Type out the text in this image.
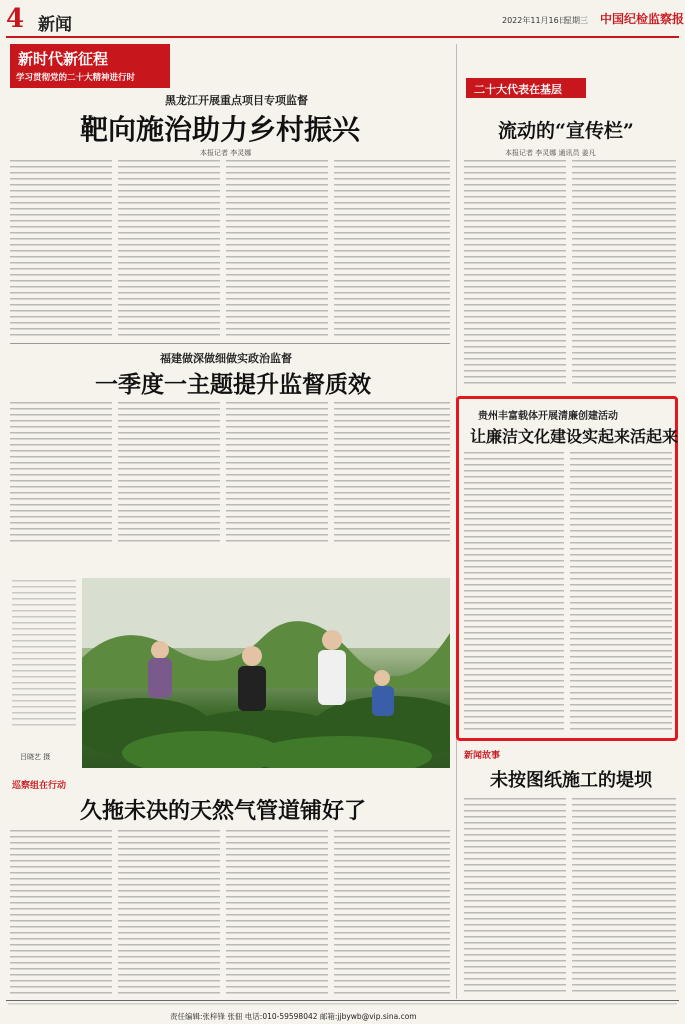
4 新闻	2022年11月16日
星期三 中国纪检监察报
新时代新征程
学习贯彻党的二十大精神进行时
黑龙江开展重点项目专项监督
靶向施治助力乡村振兴
本报记者 李灵娜
福建做深做细做实政治监督
一季度一主题提升监督质效
二十大代表在基层
流动的“宣传栏”
本报记者 李灵娜 通讯员 姜凡
贵州丰富载体开展清廉创建活动
让廉洁文化建设实起来活起来
新闻故事
未按图纸施工的堤坝
吕晓艺 摄
巡察组在行动
久拖未决的天然气管道铺好了
责任编辑:张梓锋 张佃 电话:010-59598042 邮箱:jjbywb@vip.sina.com
